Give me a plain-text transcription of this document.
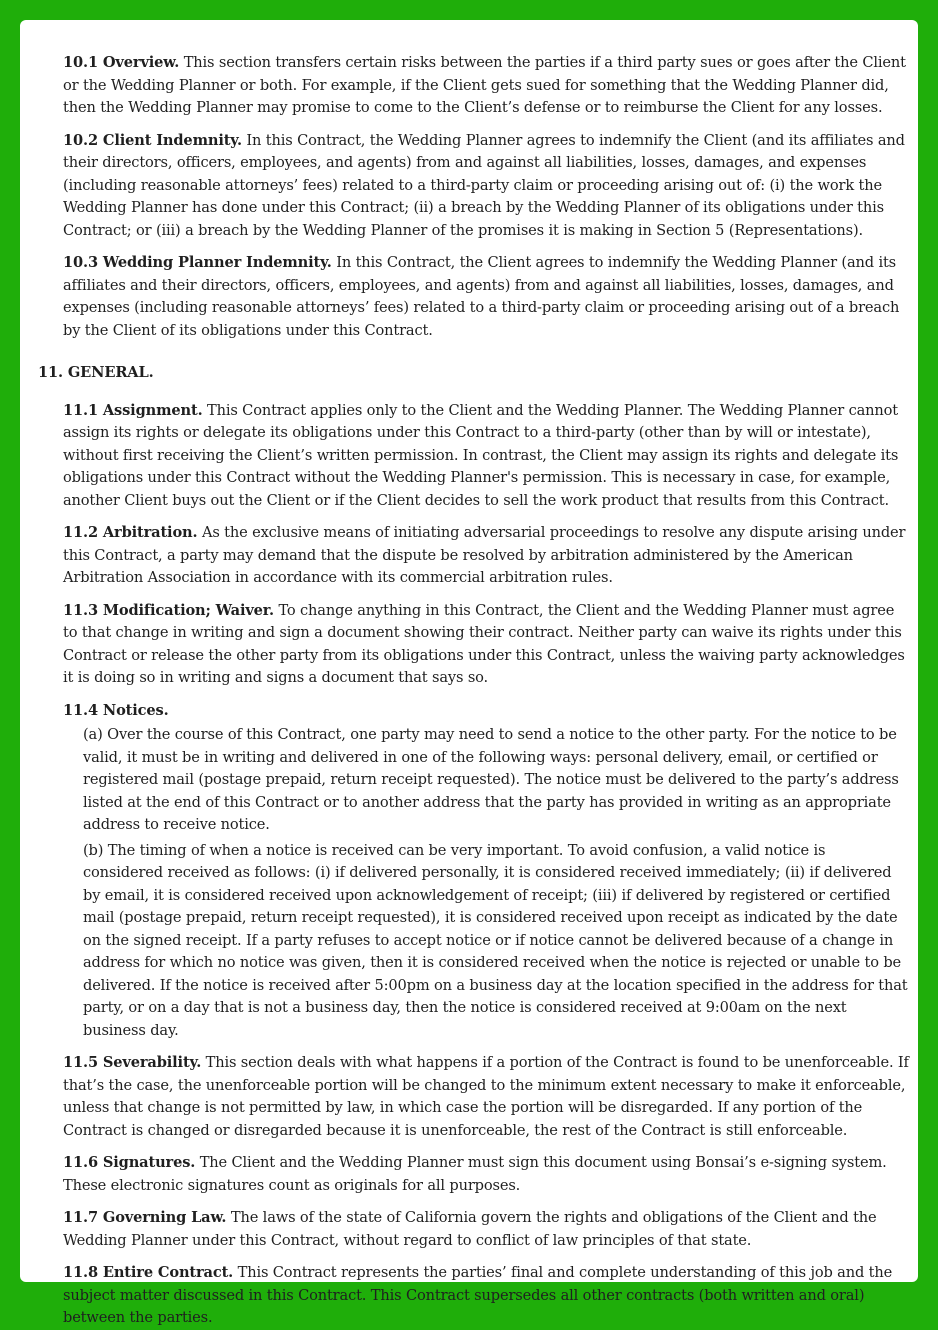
10.1 Overview. This section transfers certain risks between the parties if a third party sues or goes after the Client or the Wedding Planner or both. For example, if the Client gets sued for something that the Wedding Planner did, then the Wedding Planner may promise to come to the Client’s defense or to reimburse the Client for any losses.

10.2 Client Indemnity. In this Contract, the Wedding Planner agrees to indemnify the Client (and its affiliates and their directors, officers, employees, and agents) from and against all liabilities, losses, damages, and expenses (including reasonable attorneys’ fees) related to a third-party claim or proceeding arising out of: (i) the work the Wedding Planner has done under this Contract; (ii) a breach by the Wedding Planner of its obligations under this Contract; or (iii) a breach by the Wedding Planner of the promises it is making in Section 5 (Representations).

10.3 Wedding Planner Indemnity. In this Contract, the Client agrees to indemnify the Wedding Planner (and its affiliates and their directors, officers, employees, and agents) from and against all liabilities, losses, damages, and expenses (including reasonable attorneys’ fees) related to a third-party claim or proceeding arising out of a breach by the Client of its obligations under this Contract.

11. GENERAL.

11.1 Assignment. This Contract applies only to the Client and the Wedding Planner. The Wedding Planner cannot assign its rights or delegate its obligations under this Contract to a third-party (other than by will or intestate), without first receiving the Client’s written permission. In contrast, the Client may assign its rights and delegate its obligations under this Contract without the Wedding Planner's permission. This is necessary in case, for example, another Client buys out the Client or if the Client decides to sell the work product that results from this Contract.

11.2 Arbitration. As the exclusive means of initiating adversarial proceedings to resolve any dispute arising under this Contract, a party may demand that the dispute be resolved by arbitration administered by the American Arbitration Association in accordance with its commercial arbitration rules.

11.3 Modification; Waiver. To change anything in this Contract, the Client and the Wedding Planner must agree to that change in writing and sign a document showing their contract. Neither party can waive its rights under this Contract or release the other party from its obligations under this Contract, unless the waiving party acknowledges it is doing so in writing and signs a document that says so.

11.4 Notices.

(a) Over the course of this Contract, one party may need to send a notice to the other party. For the notice to be valid, it must be in writing and delivered in one of the following ways: personal delivery, email, or certified or registered mail (postage prepaid, return receipt requested). The notice must be delivered to the party’s address listed at the end of this Contract or to another address that the party has provided in writing as an appropriate address to receive notice.

(b) The timing of when a notice is received can be very important. To avoid confusion, a valid notice is considered received as follows: (i) if delivered personally, it is considered received immediately; (ii) if delivered by email, it is considered received upon acknowledgement of receipt; (iii) if delivered by registered or certified mail (postage prepaid, return receipt requested), it is considered received upon receipt as indicated by the date on the signed receipt. If a party refuses to accept notice or if notice cannot be delivered because of a change in address for which no notice was given, then it is considered received when the notice is rejected or unable to be delivered. If the notice is received after 5:00pm on a business day at the location specified in the address for that party, or on a day that is not a business day, then the notice is considered received at 9:00am on the next business day.

11.5 Severability. This section deals with what happens if a portion of the Contract is found to be unenforceable. If that’s the case, the unenforceable portion will be changed to the minimum extent necessary to make it enforceable, unless that change is not permitted by law, in which case the portion will be disregarded. If any portion of the Contract is changed or disregarded because it is unenforceable, the rest of the Contract is still enforceable.

11.6 Signatures. The Client and the Wedding Planner must sign this document using Bonsai’s e-signing system. These electronic signatures count as originals for all purposes.

11.7 Governing Law. The laws of the state of California govern the rights and obligations of the Client and the Wedding Planner under this Contract, without regard to conflict of law principles of that state.

11.8 Entire Contract. This Contract represents the parties’ final and complete understanding of this job and the subject matter discussed in this Contract. This Contract supersedes all other contracts (both written and oral) between the parties.
